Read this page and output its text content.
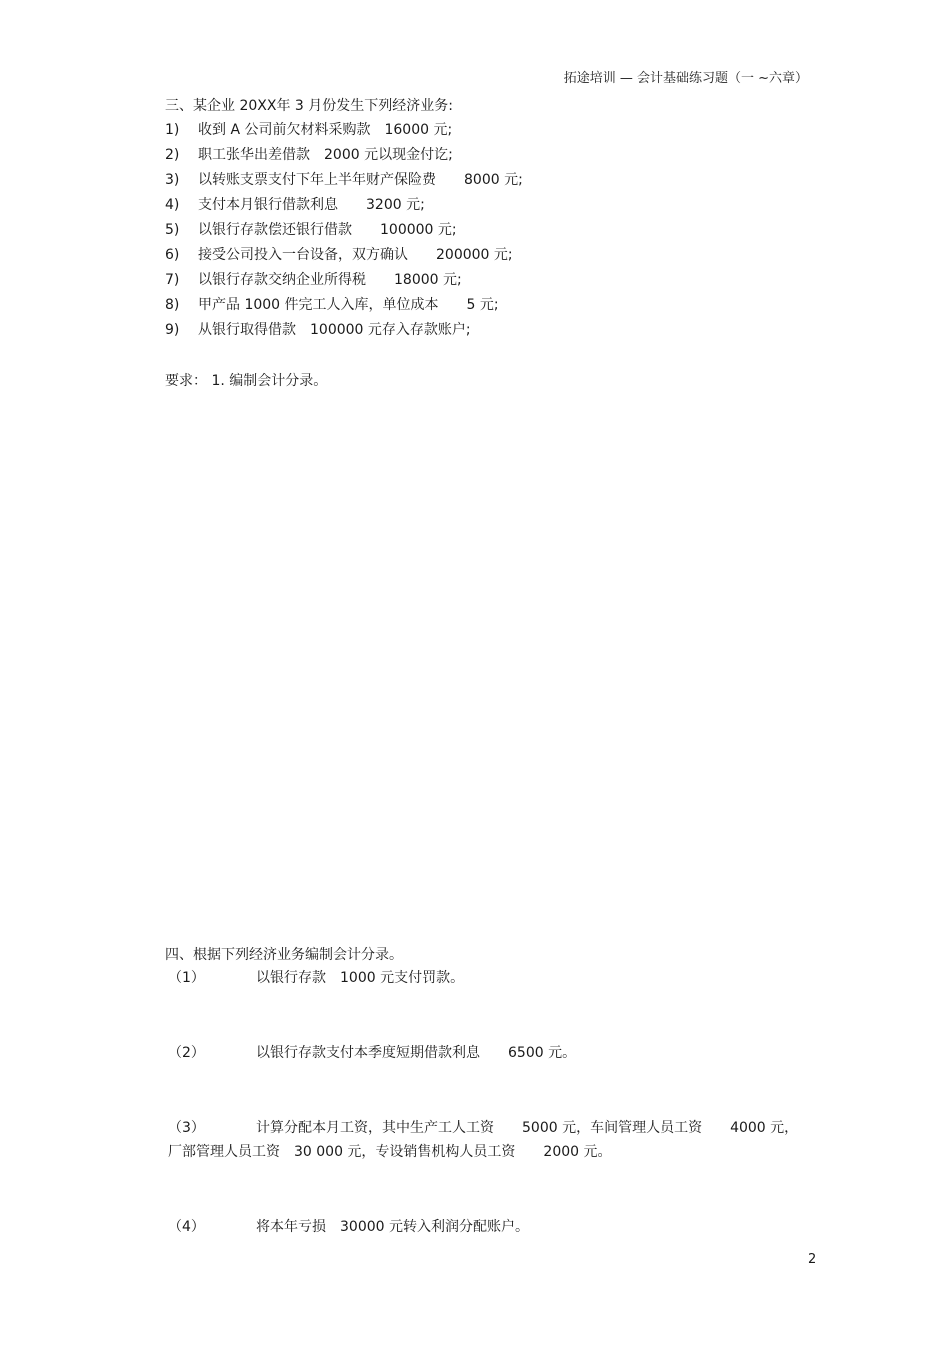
拓途培训 — 会计基础练习题（一 ~六章）
三、某企业 20XX年 3 月份发生下列经济业务:
1) 收到 A 公司前欠材料采购款　16000 元;
2) 职工张华出差借款　2000 元以现金付讫;
3) 以转账支票支付下年上半年财产保险费　　8000 元;
4) 支付本月银行借款利息　　3200 元;
5) 以银行存款偿还银行借款　　100000 元;
6) 接受公司投入一台设备，双方确认　　200000 元;
7) 以银行存款交纳企业所得税　　18000 元;
8) 甲产品 1000 件完工人入库，单位成本　　5 元;
9) 从银行取得借款　100000 元存入存款账户;
要求： 1. 编制会计分录。
四、根据下列经济业务编制会计分录。
（1）	以银行存款　1000 元支付罚款。
（2）	以银行存款支付本季度短期借款利息　　6500 元。
（3）	计算分配本月工资，其中生产工人工资　　5000 元，车间管理人员工资　　4000 元，
厂部管理人员工资　30 000 元，专设销售机构人员工资　　2000 元。
（4）	将本年亏损　30000 元转入利润分配账户。
2
